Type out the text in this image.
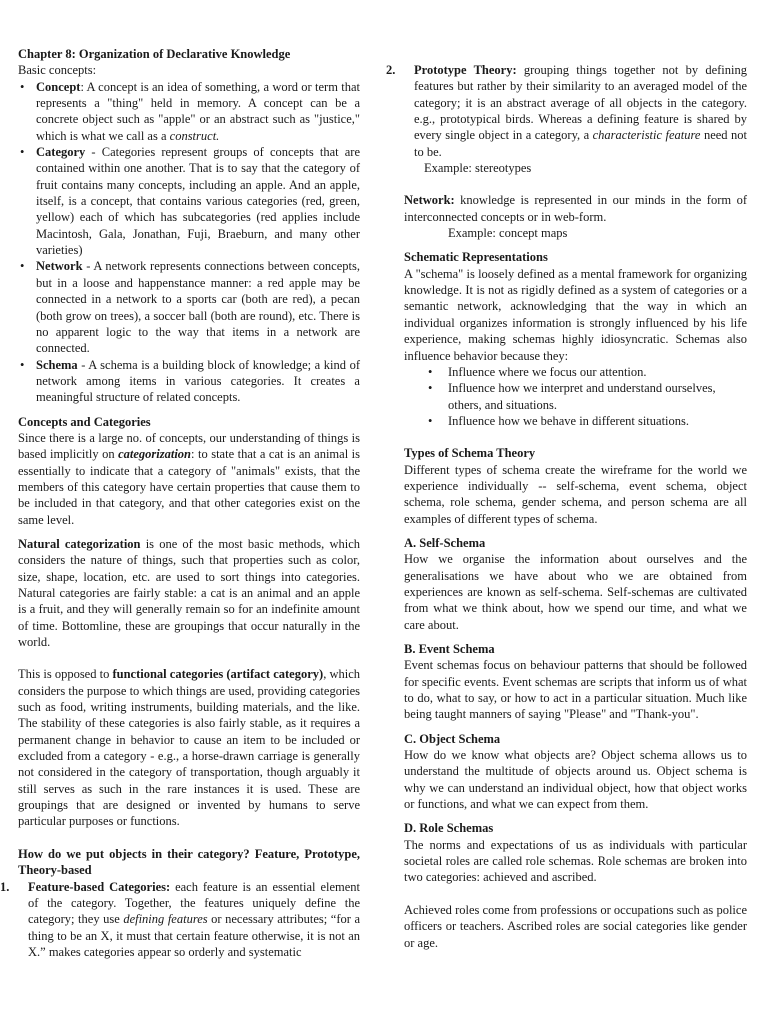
Chapter 8: Organization of Declarative Knowledge

Basic concepts:

• Concept: A concept is an idea of something, a word or term that represents a "thing" held in memory. A concept can be a concrete object such as "apple" or an abstract such as "justice," which is what we call as a construct.
• Category - Categories represent groups of concepts that are contained within one another. That is to say that the category of fruit contains many concepts, including an apple. And an apple, itself, is a concept, that contains various categories (red, green, yellow) each of which has subcategories (red applies include Macintosh, Gala, Jonathan, Fuji, Braeburn, and many other varieties)
• Network - A network represents connections between concepts, but in a loose and happenstance manner: a red apple may be connected in a network to a sports car (both are red), a pecan (both grow on trees), a soccer ball (both are round), etc. There is no apparent logic to the way that items in a network are connected.
• Schema - A schema is a building block of knowledge; a kind of network among items in various categories. It creates a meaningful structure of related concepts.
Concepts and Categories

Since there is a large no. of concepts, our understanding of things is based implicitly on categorization: to state that a cat is an animal is essentially to indicate that a category of "animals" exists, that the members of this category have certain properties that cause them to be included in that category, and that other categories exist on the same level.

Natural categorization is one of the most basic methods, which considers the nature of things, such that properties such as color, size, shape, location, etc. are used to sort things into categories. Natural categories are fairly stable: a cat is an animal and an apple is a fruit, and they will generally remain so for an indefinite amount of time. Bottomline, these are groupings that occur naturally in the world.

This is opposed to functional categories (artifact category), which considers the purpose to which things are used, providing categories such as food, writing instruments, building materials, and the like. The stability of these categories is also fairly stable, as it requires a permanent change in behavior to cause an item to be included or excluded from a category - e.g., a horse-drawn carriage is generally not considered in the category of transportation, though arguably it still serves as such in the rare instances it is used. These are groupings that are designed or invented by humans to serve particular purposes or functions.

How do we put objects in their category? Feature, Prototype, Theory-based
1. Feature-based Categories: each feature is an essential element of the category. Together, the features uniquely define the category; they use defining features or necessary attributes; “for a thing to be an X, it must that certain feature otherwise, it is not an X.” makes categories appear so orderly and systematic
2. Prototype Theory: grouping things together not by defining features but rather by their similarity to an averaged model of the category; it is an abstract average of all objects in the category. e.g., prototypical birds. Whereas a defining feature is shared by every single object in a category, a characteristic feature need not to be.

Example: stereotypes

Network: knowledge is represented in our minds in the form of interconnected concepts or in web-form.

Example: concept maps

Schematic Representations

A "schema" is loosely defined as a mental framework for organizing knowledge. It is not as rigidly defined as a system of categories or a semantic network, acknowledging that the way in which an individual organizes information is strongly influenced by his life experience, making schemas highly idiosyncratic. Schemas also influence behavior because they:

• Influence where we focus our attention.
• Influence how we interpret and understand ourselves, others, and situations.
• Influence how we behave in different situations.
Types of Schema Theory

Different types of schema create the wireframe for the world we experience individually -- self-schema, event schema, object schema, role schema, gender schema, and person schema are all examples of different types of schema.

A. Self-Schema

How we organise the information about ourselves and the generalisations we have about who we are obtained from experiences are known as self-schema. Self-schemas are cultivated from what we think about, how we spend our time, and what we care about.

B. Event Schema

Event schemas focus on behaviour patterns that should be followed for specific events. Event schemas are scripts that inform us of what to do, what to say, or how to act in a particular situation. Much like being taught manners of saying "Please" and "Thank-you".

C. Object Schema

How do we know what objects are? Object schema allows us to understand the multitude of objects around us. Object schema is why we can understand an individual object, how that object works or functions, and what we can expect from them.

D. Role Schemas

The norms and expectations of us as individuals with particular societal roles are called role schemas. Role schemas are broken into two categories: achieved and ascribed.

Achieved roles come from professions or occupations such as police officers or teachers. Ascribed roles are social categories like gender or age.
